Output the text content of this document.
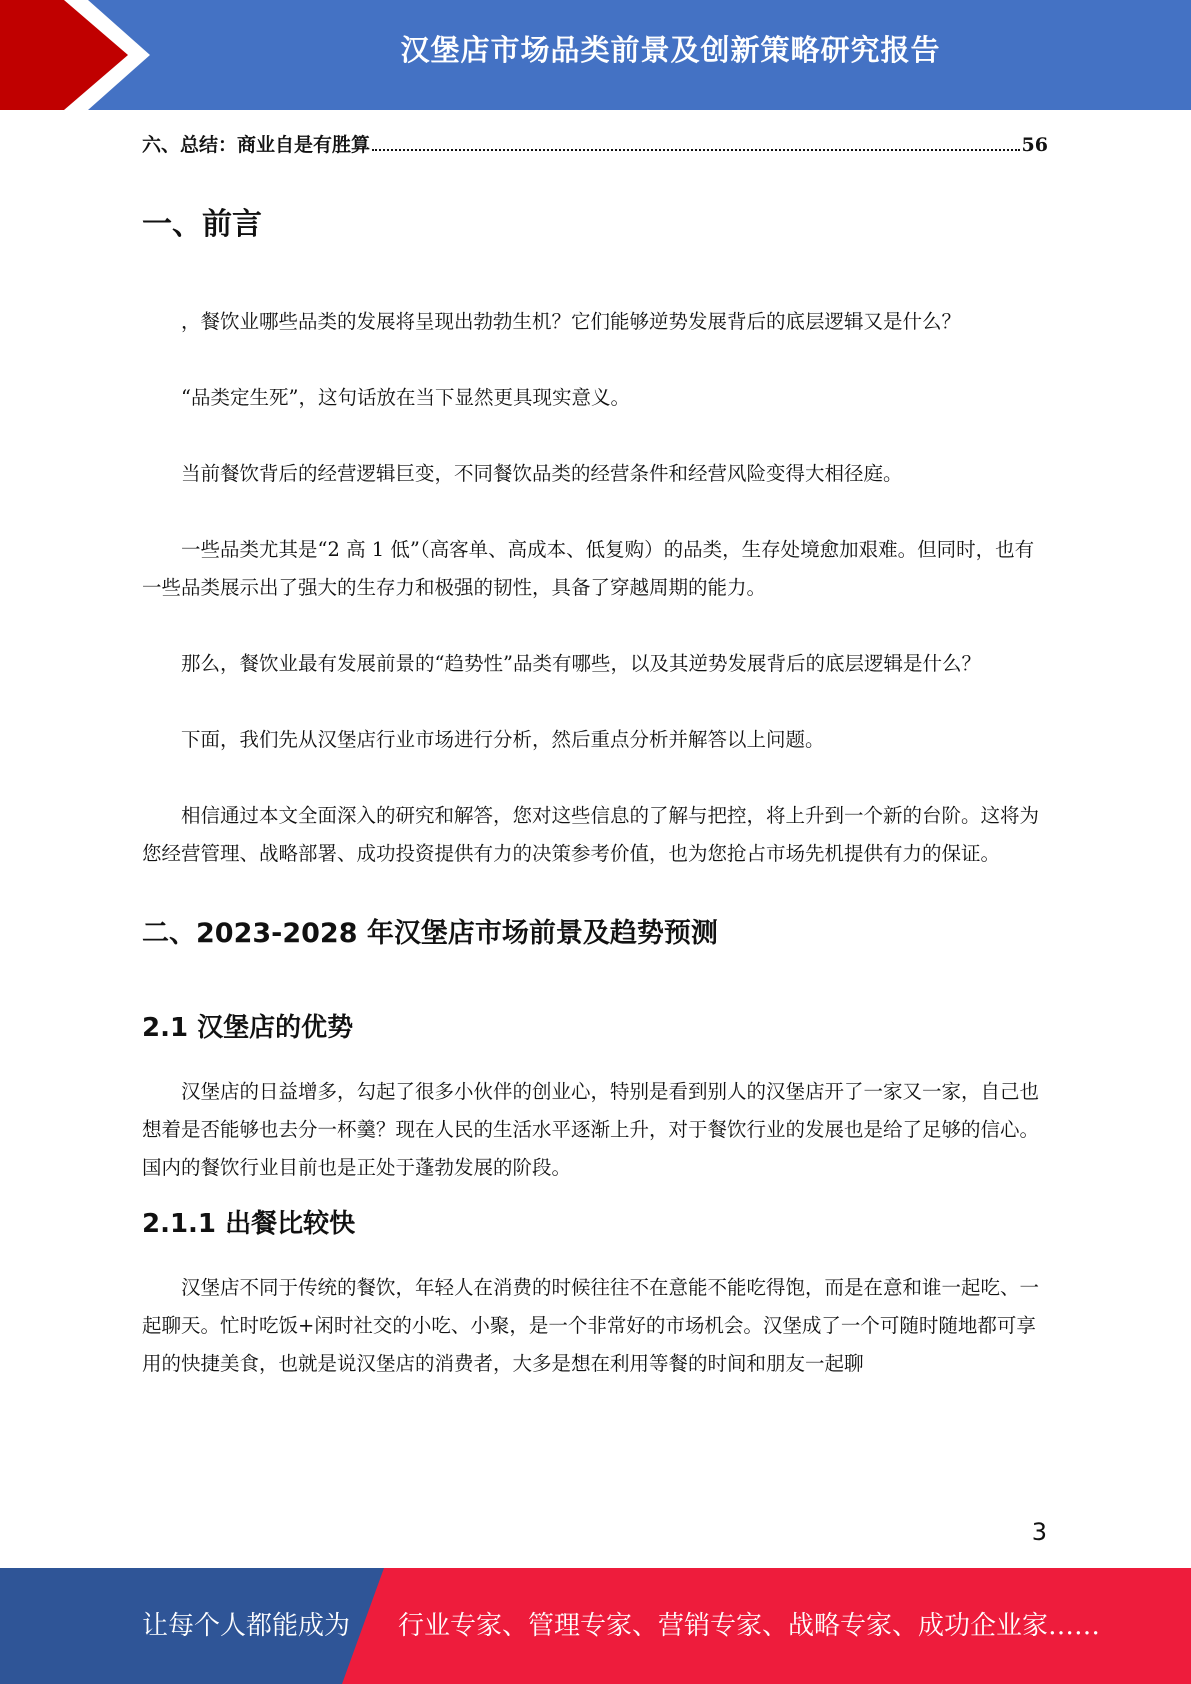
汉堡店市场品类前景及创新策略研究报告
六、总结：商业自是有胜算	56
一、前言

，餐饮业哪些品类的发展将呈现出勃勃生机？它们能够逆势发展背后的底层逻辑又是什么？

“品类定生死”，这句话放在当下显然更具现实意义。

当前餐饮背后的经营逻辑巨变，不同餐饮品类的经营条件和经营风险变得大相径庭。

一些品类尤其是“2 高 1 低”（高客单、高成本、低复购）的品类，生存处境愈加艰难。但同时，也有一些品类展示出了强大的生存力和极强的韧性，具备了穿越周期的能力。

那么，餐饮业最有发展前景的“趋势性”品类有哪些，以及其逆势发展背后的底层逻辑是什么？

下面，我们先从汉堡店行业市场进行分析，然后重点分析并解答以上问题。

相信通过本文全面深入的研究和解答，您对这些信息的了解与把控，将上升到一个新的台阶。这将为您经营管理、战略部署、成功投资提供有力的决策参考价值，也为您抢占市场先机提供有力的保证。

二、2023-2028 年汉堡店市场前景及趋势预测
2.1 汉堡店的优势

汉堡店的日益增多，勾起了很多小伙伴的创业心，特别是看到别人的汉堡店开了一家又一家，自己也想着是否能够也去分一杯羹？现在人民的生活水平逐渐上升，对于餐饮行业的发展也是给了足够的信心。国内的餐饮行业目前也是正处于蓬勃发展的阶段。

2.1.1 出餐比较快

汉堡店不同于传统的餐饮，年轻人在消费的时候往往不在意能不能吃得饱，而是在意和谁一起吃、一起聊天。忙时吃饭+闲时社交的小吃、小聚，是一个非常好的市场机会。汉堡成了一个可随时随地都可享用的快捷美食，也就是说汉堡店的消费者，大多是想在利用等餐的时间和朋友一起聊

3
让每个人都能成为 行业专家、管理专家、营销专家、战略专家、成功企业家……
